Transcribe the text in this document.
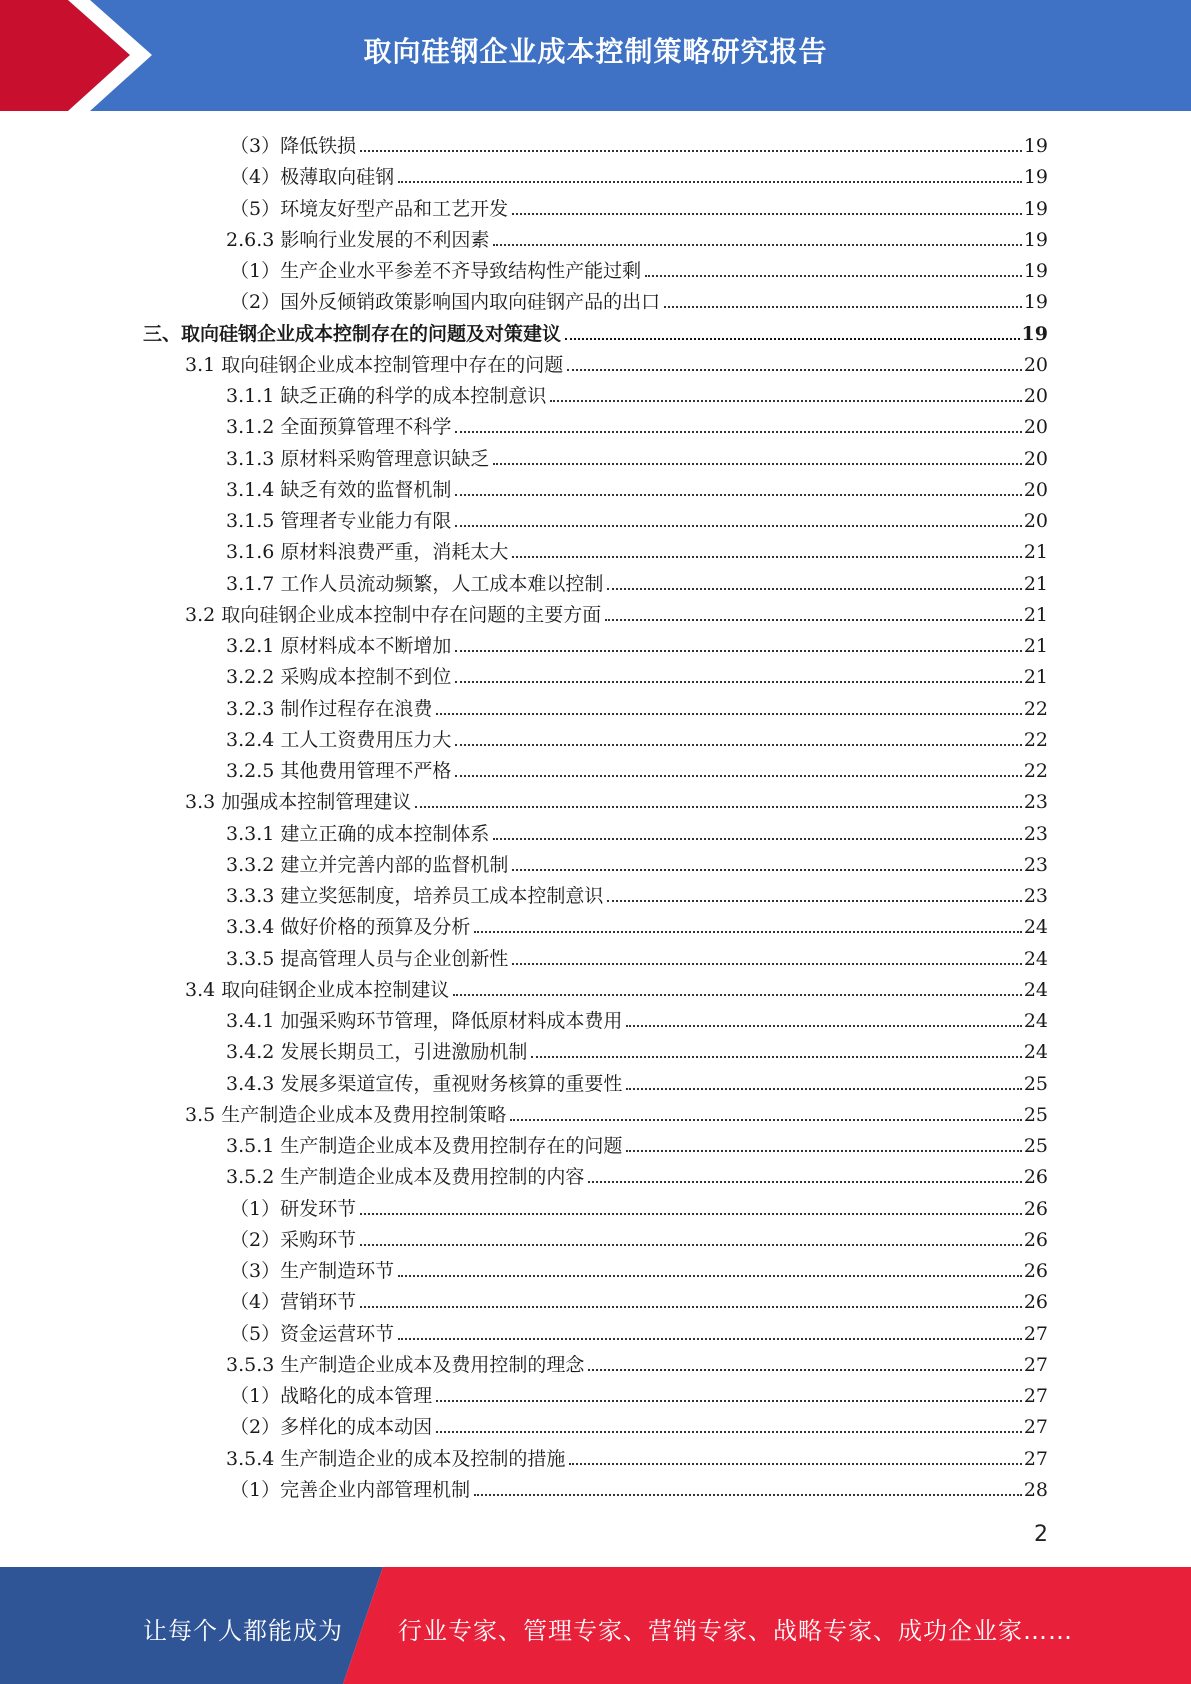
取向硅钢企业成本控制策略研究报告
（3）降低铁损	19
（4）极薄取向硅钢	19
（5）环境友好型产品和工艺开发	19
2.6.3 影响行业发展的不利因素	19
（1）生产企业水平参差不齐导致结构性产能过剩	19
（2）国外反倾销政策影响国内取向硅钢产品的出口	19
三、取向硅钢企业成本控制存在的问题及对策建议	19
3.1 取向硅钢企业成本控制管理中存在的问题	20
3.1.1 缺乏正确的科学的成本控制意识	20
3.1.2 全面预算管理不科学	20
3.1.3 原材料采购管理意识缺乏	20
3.1.4 缺乏有效的监督机制	20
3.1.5 管理者专业能力有限	20
3.1.6 原材料浪费严重，消耗太大	21
3.1.7 工作人员流动频繁，人工成本难以控制	21
3.2 取向硅钢企业成本控制中存在问题的主要方面	21
3.2.1 原材料成本不断增加	21
3.2.2 采购成本控制不到位	21
3.2.3 制作过程存在浪费	22
3.2.4 工人工资费用压力大	22
3.2.5 其他费用管理不严格	22
3.3 加强成本控制管理建议	23
3.3.1 建立正确的成本控制体系	23
3.3.2 建立并完善内部的监督机制	23
3.3.3 建立奖惩制度，培养员工成本控制意识	23
3.3.4 做好价格的预算及分析	24
3.3.5 提高管理人员与企业创新性	24
3.4 取向硅钢企业成本控制建议	24
3.4.1 加强采购环节管理，降低原材料成本费用	24
3.4.2 发展长期员工，引进激励机制	24
3.4.3 发展多渠道宣传，重视财务核算的重要性	25
3.5 生产制造企业成本及费用控制策略	25
3.5.1 生产制造企业成本及费用控制存在的问题	25
3.5.2 生产制造企业成本及费用控制的内容	26
（1）研发环节	26
（2）采购环节	26
（3）生产制造环节	26
（4）营销环节	26
（5）资金运营环节	27
3.5.3 生产制造企业成本及费用控制的理念	27
（1）战略化的成本管理	27
（2）多样化的成本动因	27
3.5.4 生产制造企业的成本及控制的措施	27
（1）完善企业内部管理机制	28
2
让每个人都能成为 行业专家、管理专家、营销专家、战略专家、成功企业家……
